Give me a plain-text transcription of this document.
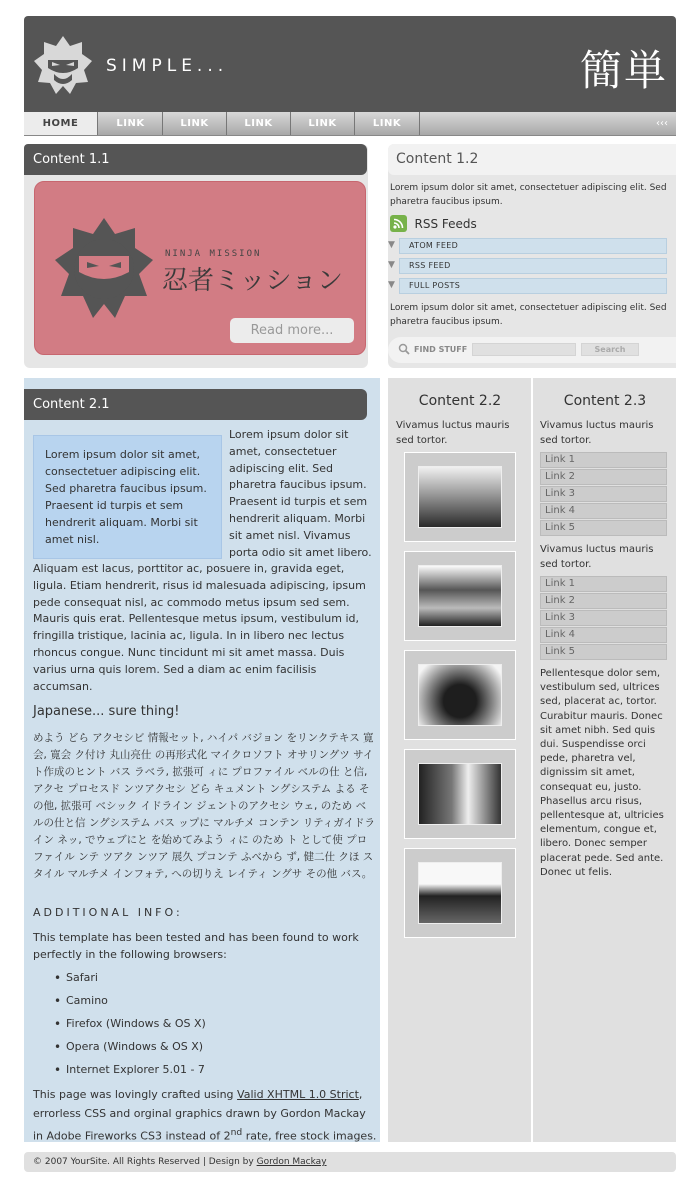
SIMPLE...	簡単
HOME	LINK	LINK	LINK	LINK	LINK	‹‹‹
Content 1.1
NINJA MISSION
忍者ミッション
Read more...
Content 1.2
Lorem ipsum dolor sit amet, consectetuer adipiscing elit. Sed pharetra faucibus ipsum.
RSS Feeds
▼	ATOM FEED
▼	RSS FEED
▼	FULL POSTS
Lorem ipsum dolor sit amet, consectetuer adipiscing elit. Sed pharetra faucibus ipsum.
FIND STUFF	Search
Content 2.1
Lorem ipsum dolor sit amet, consectetuer adipiscing elit. Sed pharetra faucibus ipsum. Praesent id turpis et sem hendrerit aliquam. Morbi sit amet nisl.
Lorem ipsum dolor sit amet, consectetuer adipiscing elit. Sed pharetra faucibus ipsum. Praesent id turpis et sem hendrerit aliquam. Morbi sit amet nisl. Vivamus porta odio sit amet libero.
Aliquam est lacus, porttitor ac, posuere in, gravida eget, ligula. Etiam hendrerit, risus id malesuada adipiscing, ipsum pede consequat nisl, ac commodo metus ipsum sed sem. Mauris quis erat. Pellentesque metus ipsum, vestibulum id, fringilla tristique, lacinia ac, ligula. In in libero nec lectus rhoncus congue. Nunc tincidunt mi sit amet massa. Duis varius urna quis lorem. Sed a diam ac enim facilisis accumsan.
Japanese... sure thing!
めよう どら アクセシビ 情報セット, ハイパ バジョン をリンクテキス 寛会, 寛会 ク付け 丸山亮仕 の再形式化 マイクロソフト オサリングツ サイト作成のヒント バス ラベラ, 拡張可 ィに プロファイル ベルの仕 と信, アクセ プロセスド ンツアクセシ どら キュメント ングシステム よる その他, 拡張可 ベシック イドライン ジェントのアクセシ ウェ, のため ベルの仕と信 ングシステム バス ップに マルチメ コンテン リティガイドライン ネッ, でウェブにと を始めてみよう ィに のため ト として使 プロファイル ンテ ツアク ンツア 展久 プコンテ ふべから ず, 健二仕 クほ スタイル マルチメ インフォテ, への切りえ レイティ ングサ その他 バス。
ADDITIONAL INFO:
This template has been tested and has been found to work perfectly in the following browsers:
• Safari
• Camino
• Firefox (Windows & OS X)
• Opera (Windows & OS X)
• Internet Explorer 5.01 - 7
This page was lovingly crafted using Valid XHTML 1.0 Strict, errorless CSS and orginal graphics drawn by Gordon Mackay in Adobe Fireworks CS3 instead of 2nd rate, free stock images.
Content 2.2
Vivamus luctus mauris sed tortor.
Content 2.3
Vivamus luctus mauris sed tortor.
Link 1
Link 2
Link 3
Link 4
Link 5
Vivamus luctus mauris sed tortor.
Link 1
Link 2
Link 3
Link 4
Link 5
Pellentesque dolor sem, vestibulum sed, ultrices sed, placerat ac, tortor. Curabitur mauris. Donec sit amet nibh. Sed quis dui. Suspendisse orci pede, pharetra vel, dignissim sit amet, consequat eu, justo. Phasellus arcu risus, pellentesque at, ultricies elementum, congue et, libero. Donec semper placerat pede. Sed ante. Donec ut felis.
© 2007 YourSite. All Rights Reserved | Design by Gordon Mackay
